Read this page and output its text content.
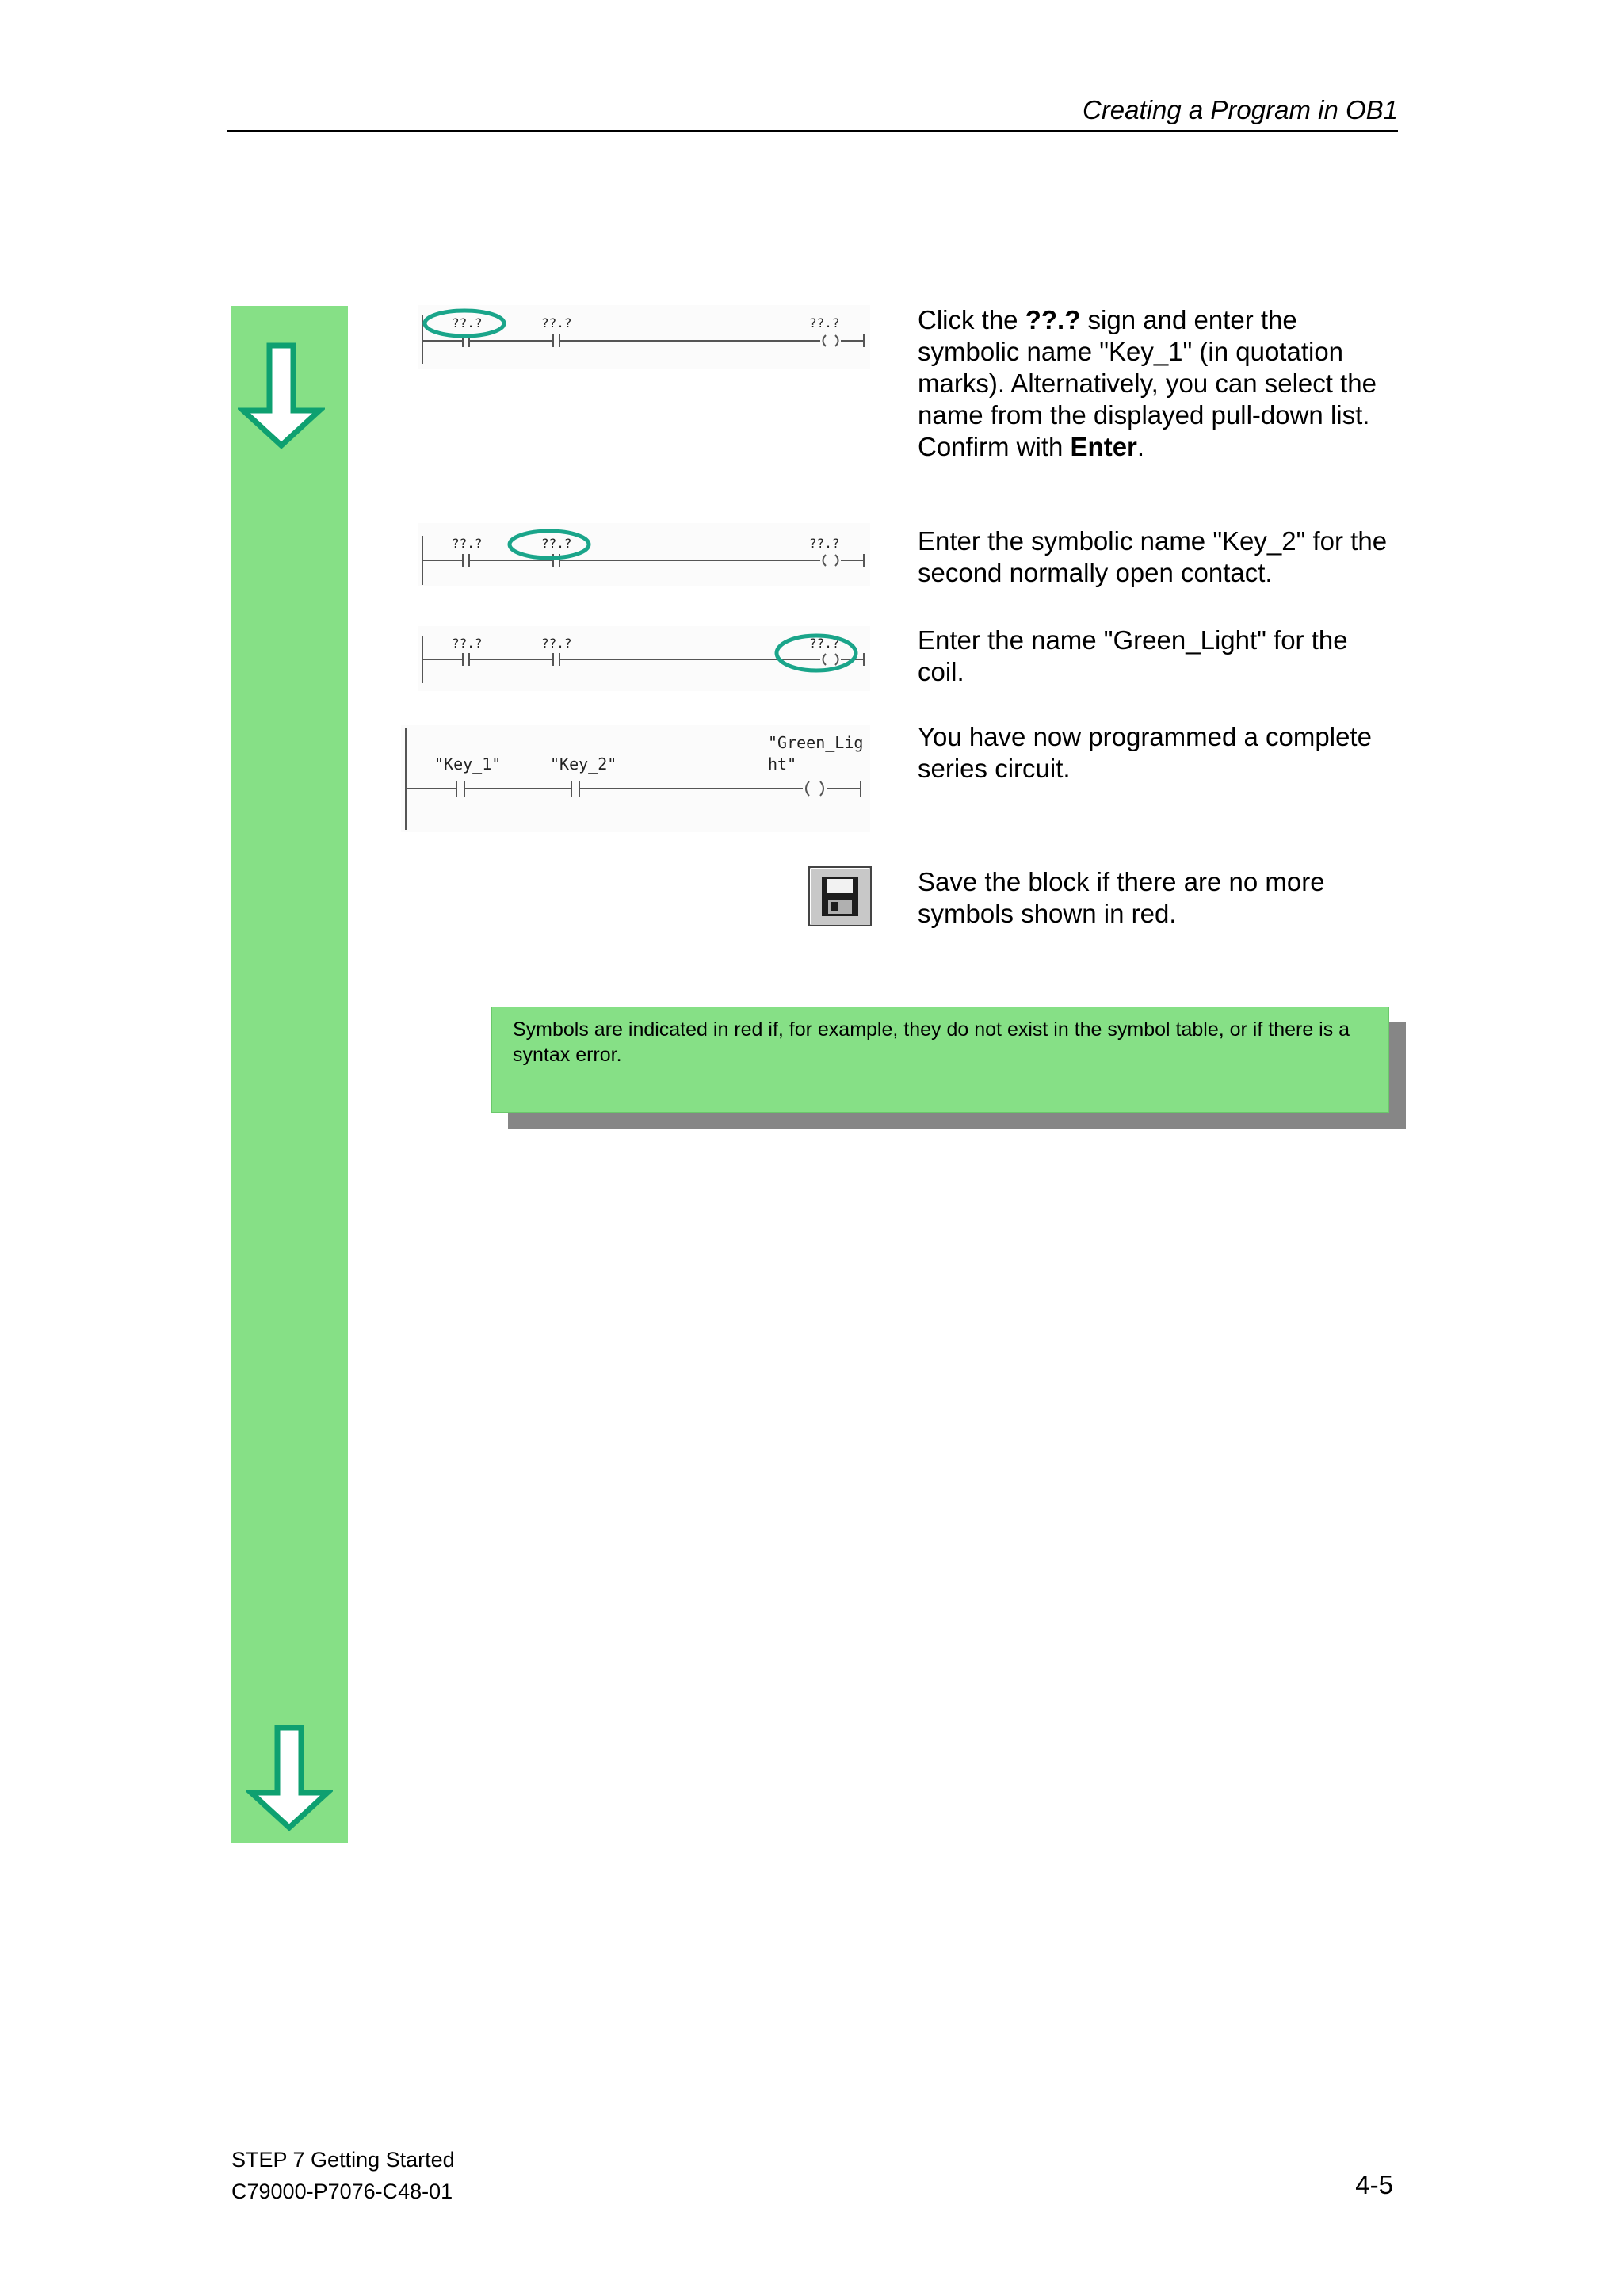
Creating a Program in OB1
??.?	??.?	??.?
??.?	??.?	??.?
??.?	??.?	??.?
"Key_1"	"Key_2"
"Green_Lig
ht"
Click the ??.? sign and enter the symbolic name "Key_1" (in quotation marks). Alternatively, you can select the name from the displayed pull-down list.
Confirm with Enter.
Enter the symbolic name "Key_2" for the second normally open contact.
Enter the name "Green_Light" for the coil.
You have now programmed a complete series circuit.
Save the block if there are no more symbols shown in red.
Symbols are indicated in red if, for example, they do not exist in the symbol table, or if there is a syntax error.
STEP 7 Getting Started
C79000-P7076-C48-01	4-5
